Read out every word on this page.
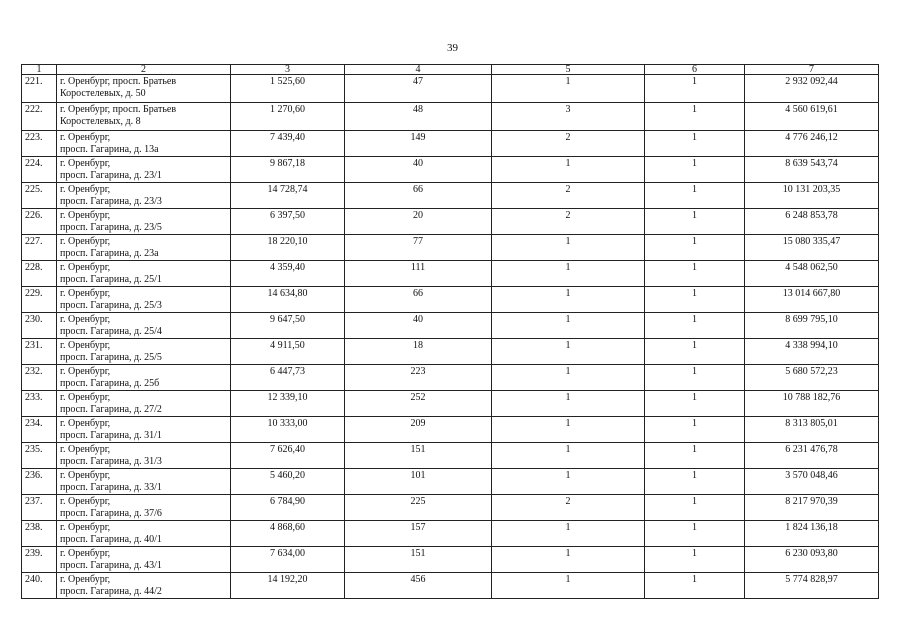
39
1	2	3	4	5	6	7
221.	г. Оренбург, просп. Братьев
Коростелевых, д. 50	1 525,60	47	1	1	2 932 092,44
222.	г. Оренбург, просп. Братьев
Коростелевых, д. 8	1 270,60	48	3	1	4 560 619,61
223.	г. Оренбург,
просп. Гагарина, д. 13а	7 439,40	149	2	1	4 776 246,12
224.	г. Оренбург,
просп. Гагарина, д. 23/1	9 867,18	40	1	1	8 639 543,74
225.	г. Оренбург,
просп. Гагарина, д. 23/3	14 728,74	66	2	1	10 131 203,35
226.	г. Оренбург,
просп. Гагарина, д. 23/5	6 397,50	20	2	1	6 248 853,78
227.	г. Оренбург,
просп. Гагарина, д. 23а	18 220,10	77	1	1	15 080 335,47
228.	г. Оренбург,
просп. Гагарина, д. 25/1	4 359,40	111	1	1	4 548 062,50
229.	г. Оренбург,
просп. Гагарина, д. 25/3	14 634,80	66	1	1	13 014 667,80
230.	г. Оренбург,
просп. Гагарина, д. 25/4	9 647,50	40	1	1	8 699 795,10
231.	г. Оренбург,
просп. Гагарина, д. 25/5	4 911,50	18	1	1	4 338 994,10
232.	г. Оренбург,
просп. Гагарина, д. 25б	6 447,73	223	1	1	5 680 572,23
233.	г. Оренбург,
просп. Гагарина, д. 27/2	12 339,10	252	1	1	10 788 182,76
234.	г. Оренбург,
просп. Гагарина, д. 31/1	10 333,00	209	1	1	8 313 805,01
235.	г. Оренбург,
просп. Гагарина, д. 31/3	7 626,40	151	1	1	6 231 476,78
236.	г. Оренбург,
просп. Гагарина, д. 33/1	5 460,20	101	1	1	3 570 048,46
237.	г. Оренбург,
просп. Гагарина, д. 37/6	6 784,90	225	2	1	8 217 970,39
238.	г. Оренбург,
просп. Гагарина, д. 40/1	4 868,60	157	1	1	1 824 136,18
239.	г. Оренбург,
просп. Гагарина, д. 43/1	7 634,00	151	1	1	6 230 093,80
240.	г. Оренбург,
просп. Гагарина, д. 44/2	14 192,20	456	1	1	5 774 828,97
